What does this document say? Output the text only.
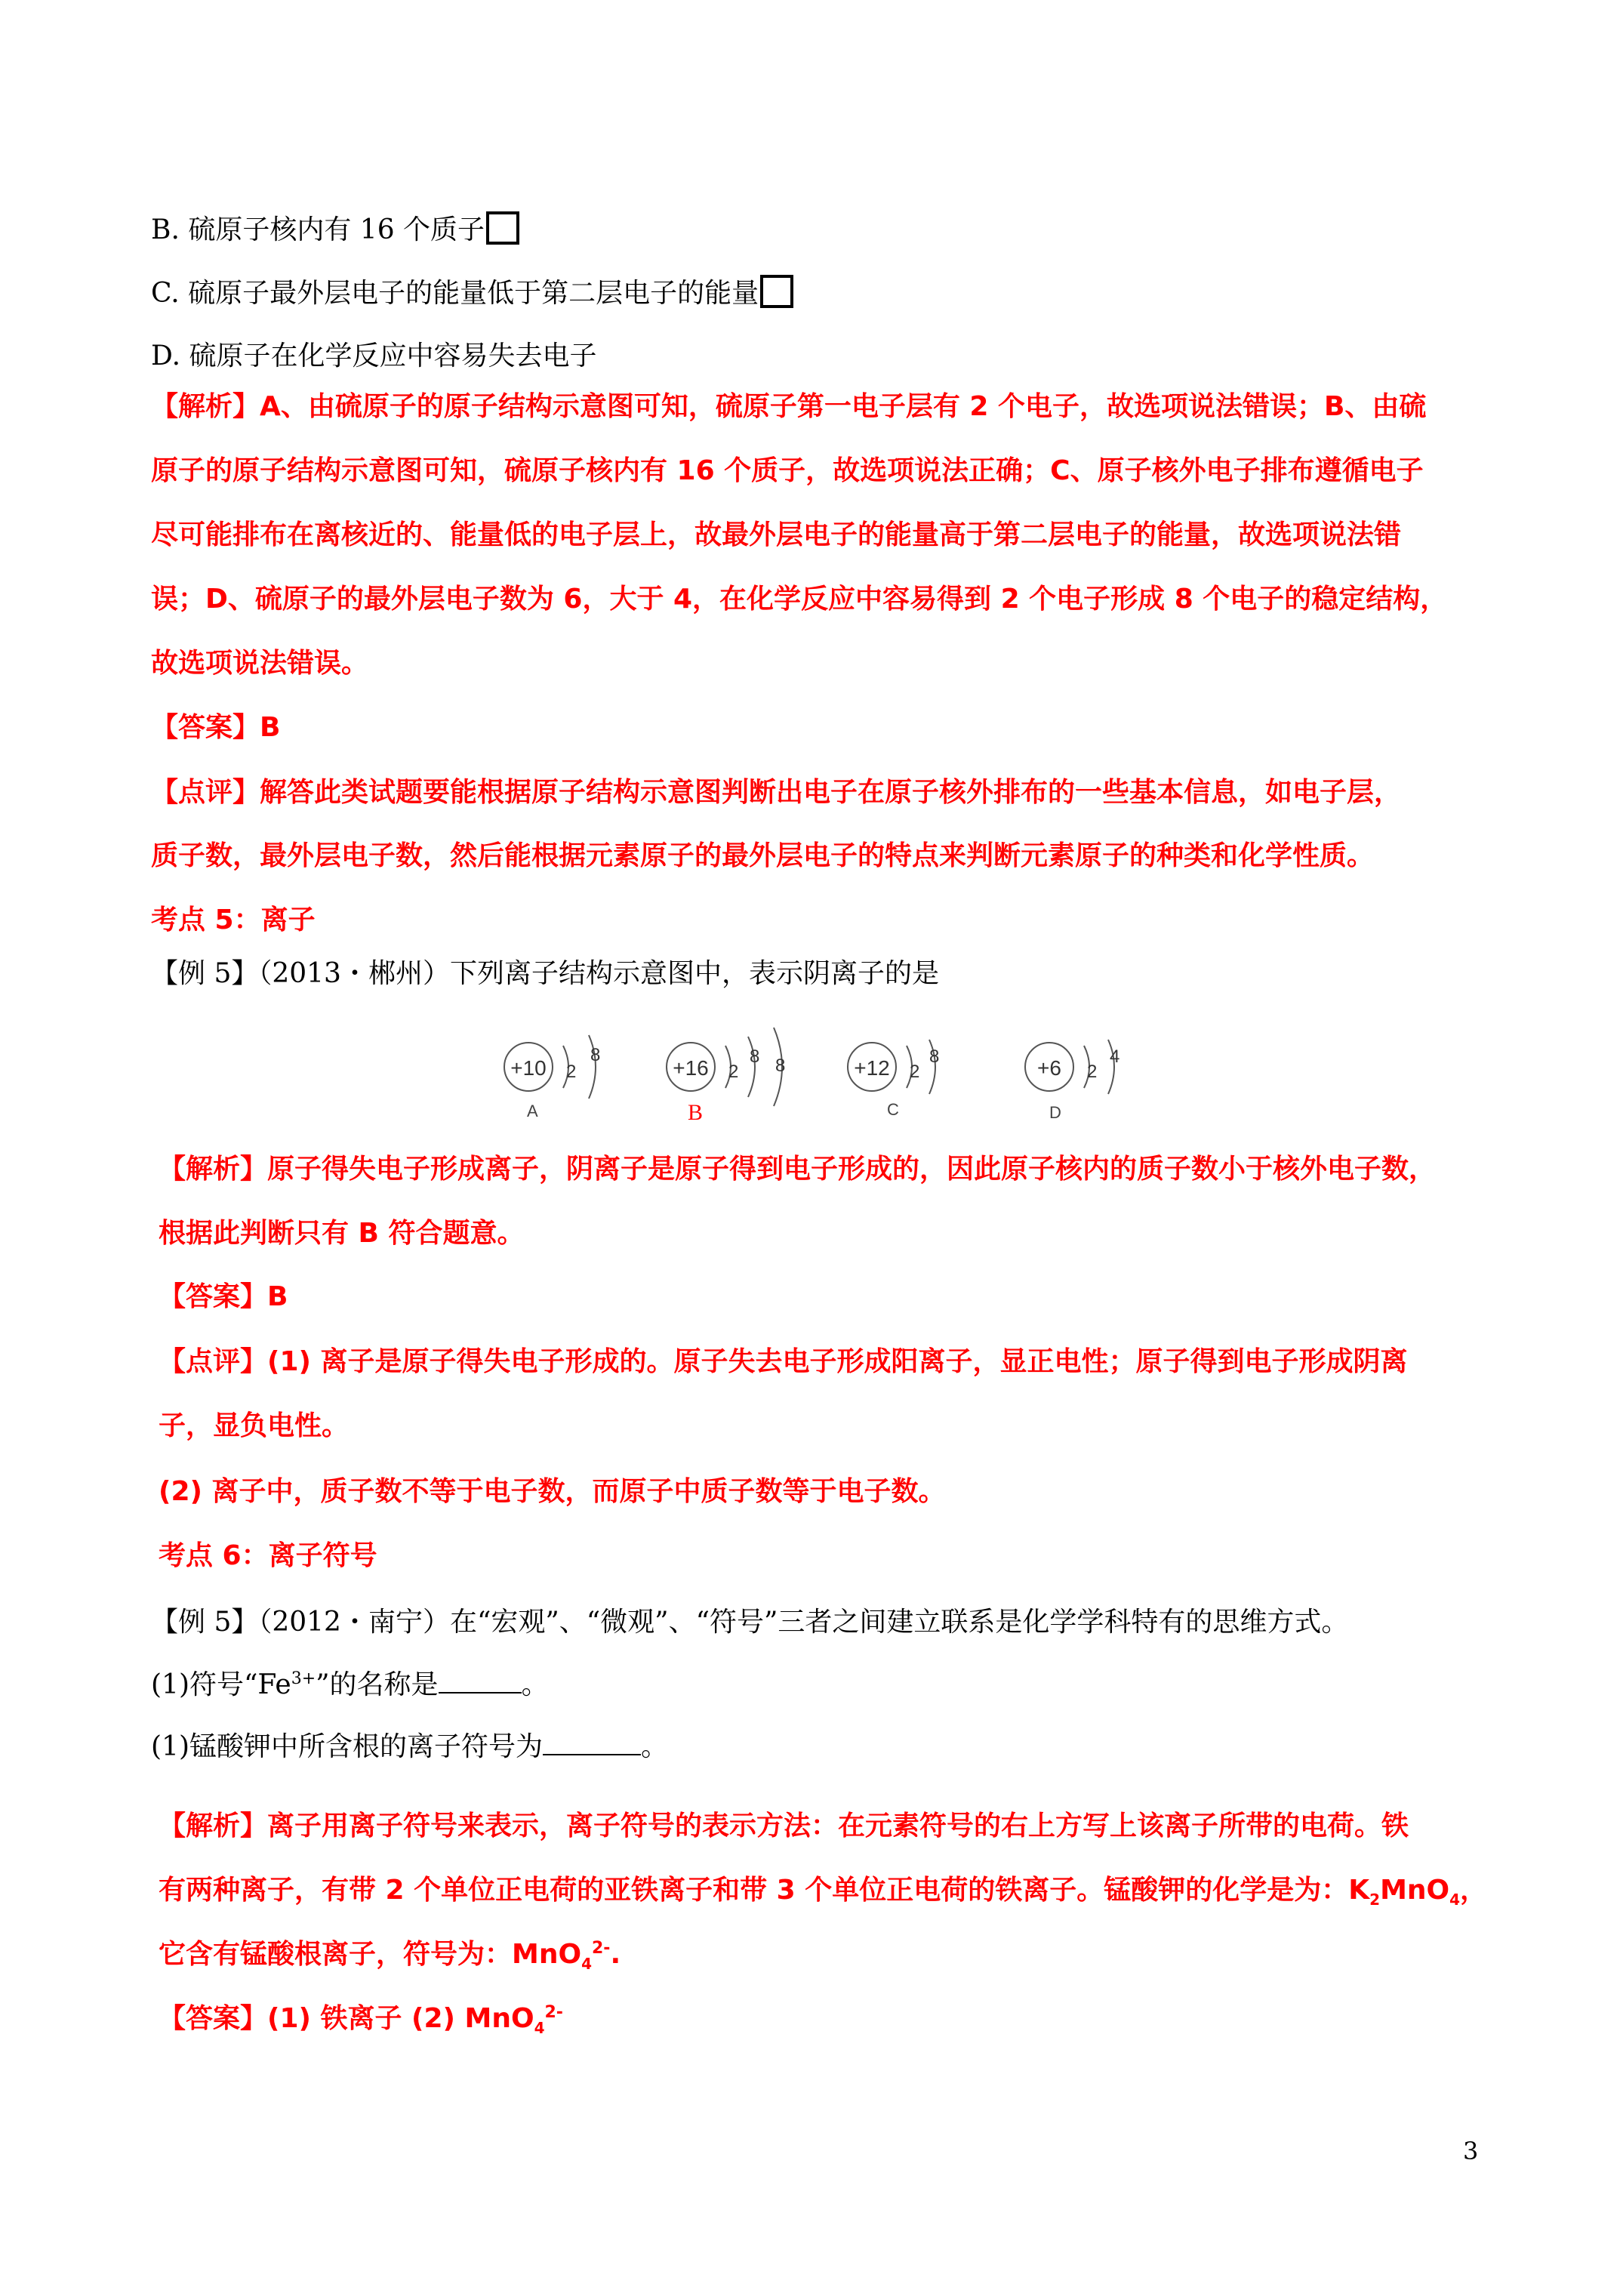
B. 硫原子核内有 16 个质子
C. 硫原子最外层电子的能量低于第二层电子的能量
D. 硫原子在化学反应中容易失去电子
【解析】A、由硫原子的原子结构示意图可知，硫原子第一电子层有 2 个电子，故选项说法错误；B、由硫
原子的原子结构示意图可知，硫原子核内有 16 个质子，故选项说法正确；C、原子核外电子排布遵循电子
尽可能排布在离核近的、能量低的电子层上，故最外层电子的能量高于第二层电子的能量，故选项说法错
误；D、硫原子的最外层电子数为 6，大于 4，在化学反应中容易得到 2 个电子形成 8 个电子的稳定结构，
故选项说法错误。
【答案】B
【点评】解答此类试题要能根据原子结构示意图判断出电子在原子核外排布的一些基本信息，如电子层，
质子数，最外层电子数，然后能根据元素原子的最外层电子的特点来判断元素原子的种类和化学性质。
考点 5：离子
【例 5】（2013・郴州）下列离子结构示意图中，表示阴离子的是
+10 2
8
A
+16 2
8 8
B
+12 2
8
C
+6 2
4
D
【解析】原子得失电子形成离子，阴离子是原子得到电子形成的，因此原子核内的质子数小于核外电子数，
根据此判断只有 B 符合题意。
【答案】B
【点评】(1) 离子是原子得失电子形成的。原子失去电子形成阳离子，显正电性；原子得到电子形成阴离
子，显负电性。
(2) 离子中，质子数不等于电子数，而原子中质子数等于电子数。
考点 6：离子符号
【例 5】（2012・南宁）在“宏观”、“微观”、“符号”三者之间建立联系是化学学科特有的思维方式。
(1)符号“$Fe^{3+}$”的名称是	。
(1)锰酸钾中所含根的离子符号为	。
【解析】离子用离子符号来表示，离子符号的表示方法：在元素符号的右上方写上该离子所带的电荷。铁
有两种离子，有带 2 个单位正电荷的亚铁离子和带 3 个单位正电荷的铁离子。锰酸钾的化学是为：$K_2MnO_4$，
它含有锰酸根离子，符号为：MnO$_4^{2-}$.
【答案】(1) 铁离子 (2) MnO$_4^{2-}$
3
